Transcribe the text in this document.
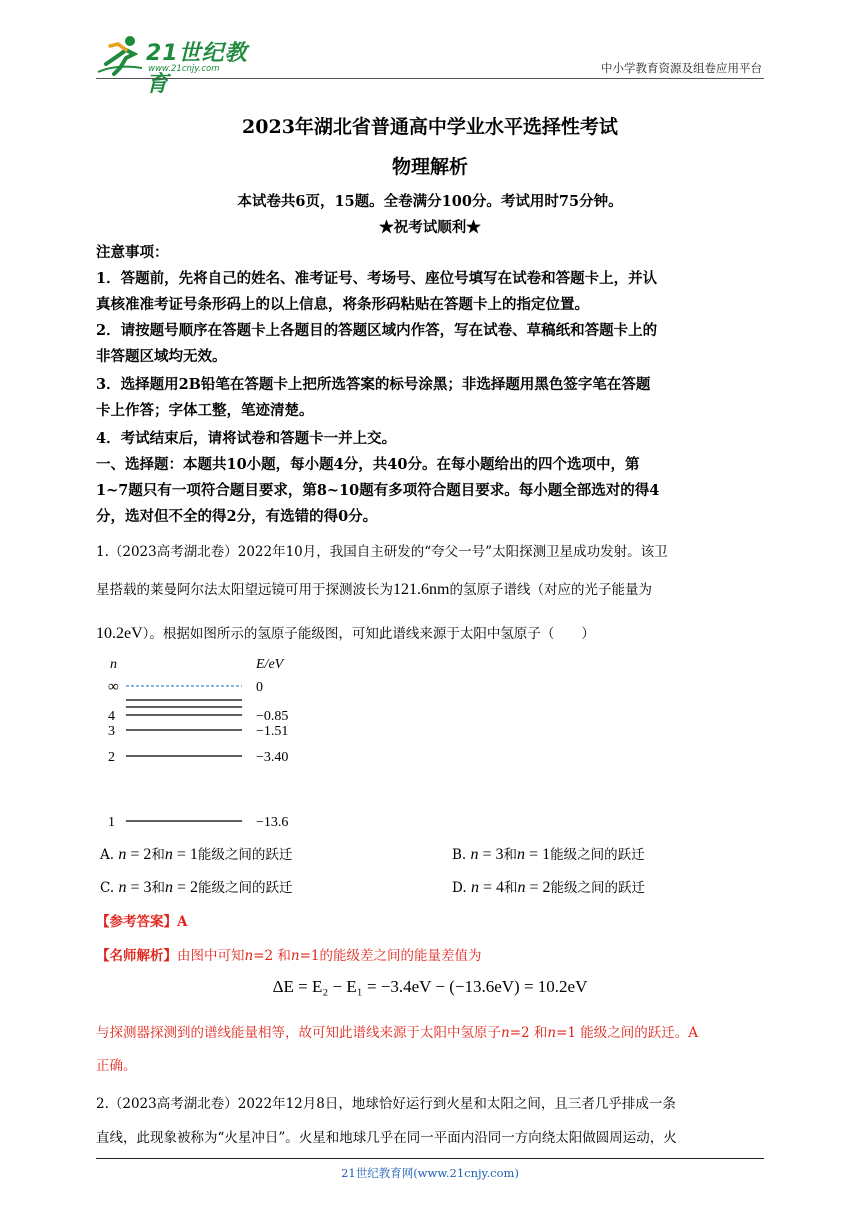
21世纪教育
www.21cnjy.com	中小学教育资源及组卷应用平台
2023年湖北省普通高中学业水平选择性考试
物理解析
本试卷共6页，15题。全卷满分100分。考试用时75分钟。
★祝考试顺利★
注意事项：
1．答题前，先将自己的姓名、准考证号、考场号、座位号填写在试卷和答题卡上，并认
真核准准考证号条形码上的以上信息，将条形码粘贴在答题卡上的指定位置。
2．请按题号顺序在答题卡上各题目的答题区域内作答，写在试卷、草稿纸和答题卡上的
非答题区域均无效。
3．选择题用2B铅笔在答题卡上把所选答案的标号涂黑；非选择题用黑色签字笔在答题
卡上作答；字体工整，笔迹清楚。
4．考试结束后，请将试卷和答题卡一并上交。
一、选择题：本题共10小题，每小题4分，共40分。在每小题给出的四个选项中，第
1~7题只有一项符合题目要求，第8~10题有多项符合题目要求。每小题全部选对的得4
分，选对但不全的得2分，有选错的得0分。
1.（2023高考湖北卷）2022年10月，我国自主研发的“夸父一号”太阳探测卫星成功发射。该卫
星搭载的莱曼阿尔法太阳望远镜可用于探测波长为121.6nm的氢原子谱线（对应的光子能量为
10.2eV）。根据如图所示的氢原子能级图，可知此谱线来源于太阳中氢原子（　　）
n	E/eV
∞	0
4	−0.85
3	−1.51
2	−3.40
1	−13.6
A. n = 2和n = 1能级之间的跃迁	B. n = 3和n = 1能级之间的跃迁
C. n = 3和n = 2能级之间的跃迁	D. n = 4和n = 2能级之间的跃迁
【参考答案】A
【名师解析】由图中可知n=2 和n=1的能级差之间的能量差值为
ΔE = E₂ − E₁ = −3.4eV − (−13.6eV) = 10.2eV
与探测器探测到的谱线能量相等，故可知此谱线来源于太阳中氢原子n=2 和n=1 能级之间的跃迁。A
正确。
2.（2023高考湖北卷）2022年12月8日，地球恰好运行到火星和太阳之间，且三者几乎排成一条
直线，此现象被称为“火星冲日”。火星和地球几乎在同一平面内沿同一方向绕太阳做圆周运动，火
21世纪教育网(www.21cnjy.com)
